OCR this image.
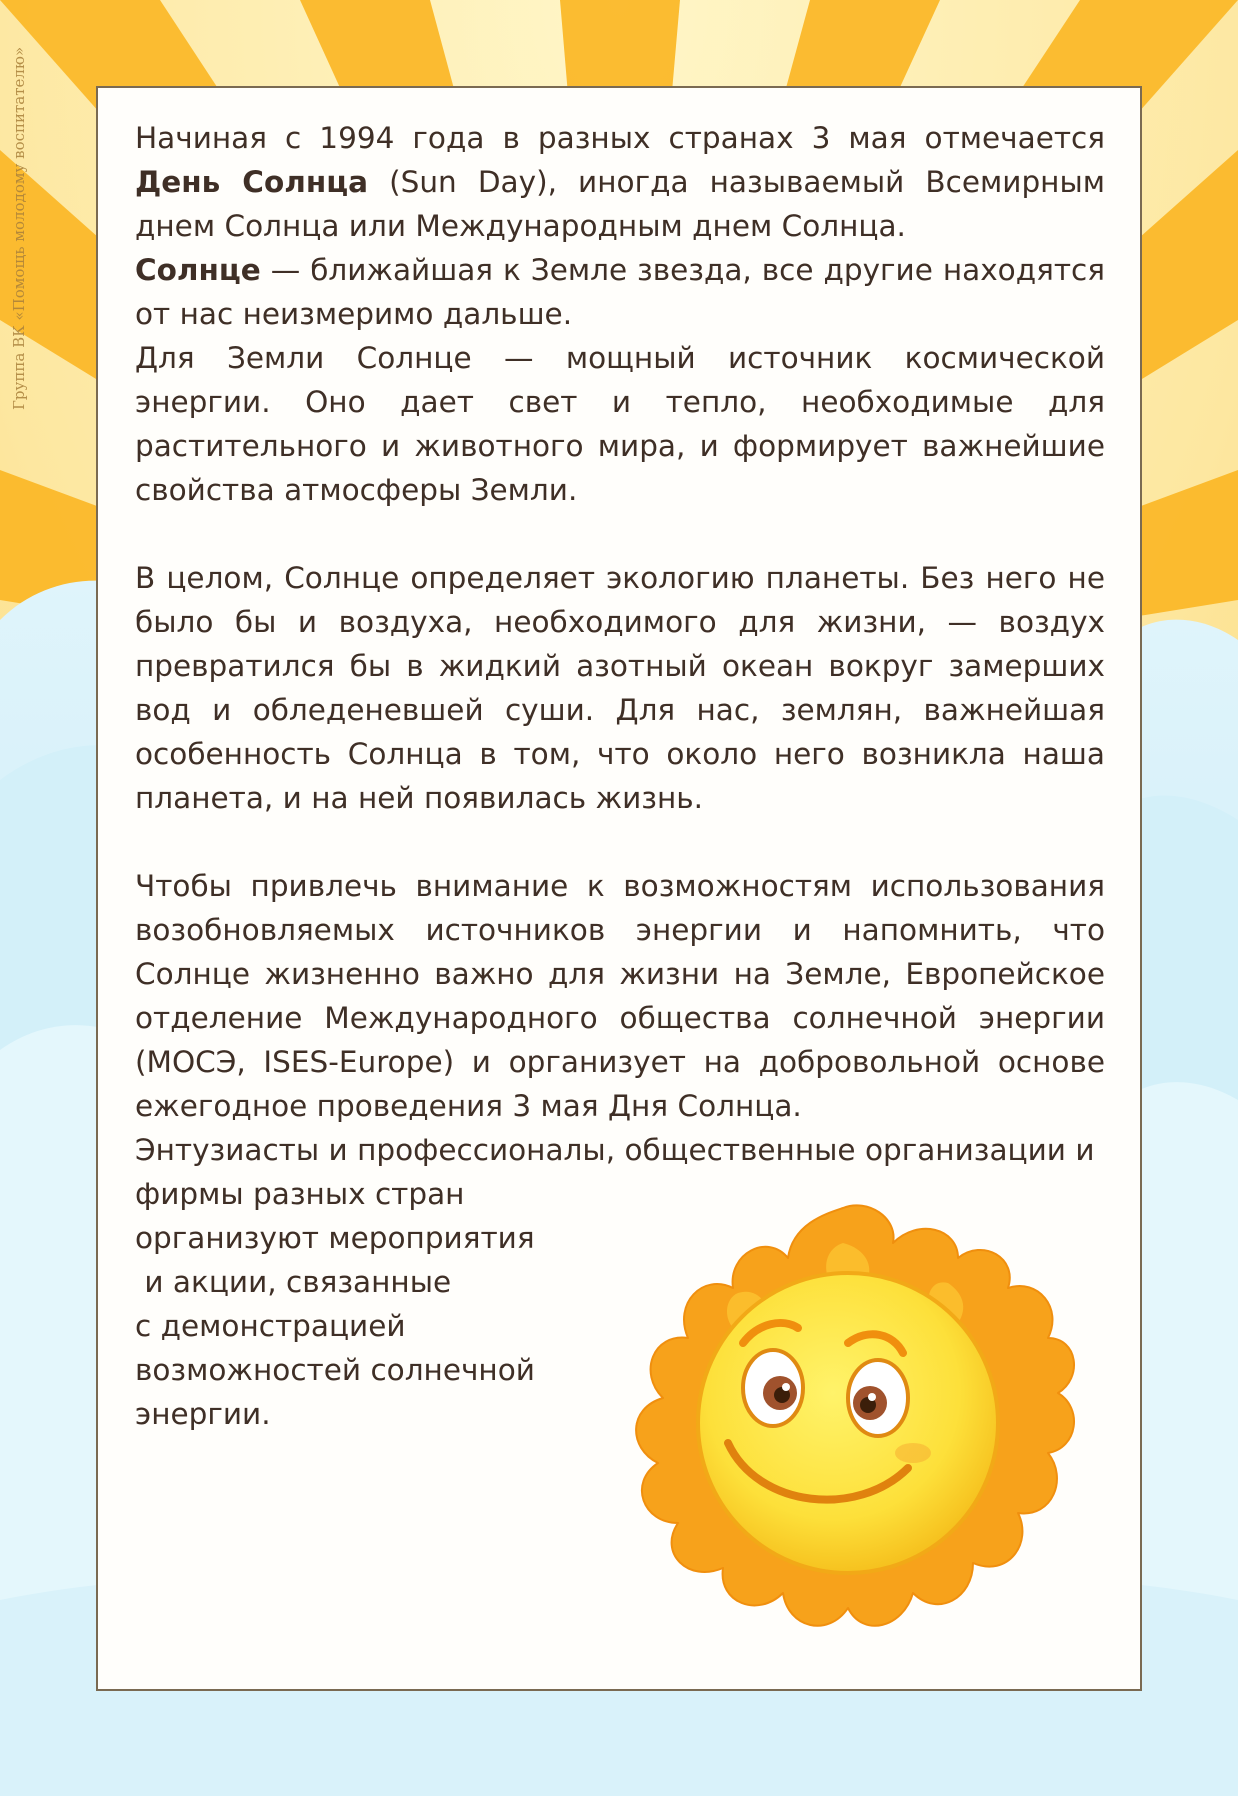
Группа ВК «Помощь молодому воспитателю»	Начиная с 1994 года в разных странах 3 мая отмечается День Солнца (Sun Day), иногда называемый Всемирным днем Солнца или Международным днем Солнца.

Солнце — ближайшая к Земле звезда, все другие находятся от нас неизмеримо дальше.

Для Земли Солнце — мощный источник космической энергии. Оно дает свет и тепло, необходимые для растительного и животного мира, и формирует важнейшие свойства атмосферы Земли.

В целом, Солнце определяет экологию планеты. Без него не было бы и воздуха, необходимого для жизни, — воздух превратился бы в жидкий азотный океан вокруг замерших вод и обледеневшей суши. Для нас, землян, важнейшая особенность Солнца в том, что около него возникла наша планета, и на ней появилась жизнь.

Чтобы привлечь внимание к возможностям использования возобновляемых источников энергии и напомнить, что Солнце жизненно важно для жизни на Земле, Европейское отделение Международного общества солнечной энергии (МОСЭ, ISES-Europe) и организует на добровольной основе ежегодное проведения 3 мая Дня Солнца.

Энтузиасты и профессионалы, общественные организации и

фирмы разных стран

организуют мероприятия

и акции, связанные

с демонстрацией

возможностей солнечной

энергии.
